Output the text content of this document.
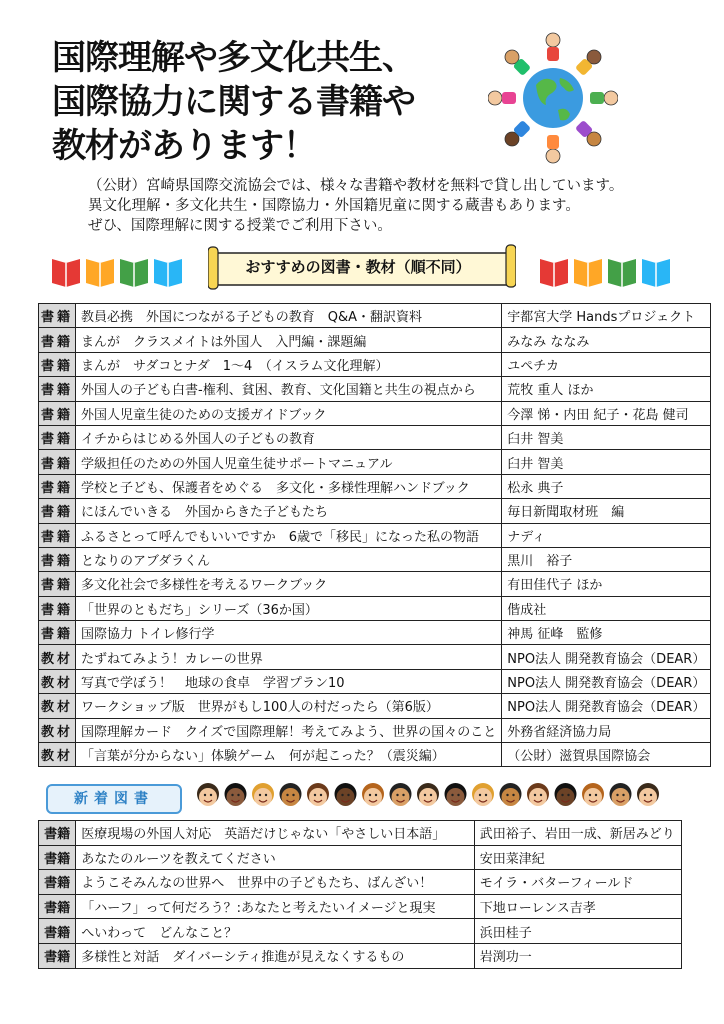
国際理解や多文化共生、
国際協力に関する書籍や
教材があります！
（公財）宮崎県国際交流協会では、様々な書籍や教材を無料で貸し出しています。
異文化理解・多文化共生・国際協力・外国籍児童に関する蔵書もあります。
ぜひ、国際理解に関する授業でご利用下さい。
おすすめの図書・教材（順不同）
書籍	教員必携　外国につながる子どもの教育　Q&A・翻訳資料	宇都宮大学 Handsプロジェクト
書籍	まんが　クラスメイトは外国人　入門編・課題編	みなみ ななみ
書籍	まんが　サダコとナダ　1～4　（イスラム文化理解）	ユペチカ
書籍	外国人の子ども白書-権利、貧困、教育、文化国籍と共生の視点から	荒牧 重人 ほか
書籍	外国人児童生徒のための支援ガイドブック	今澤 悌・内田 紀子・花島 健司
書籍	イチからはじめる外国人の子どもの教育	臼井 智美
書籍	学級担任のための外国人児童生徒サポートマニュアル	臼井 智美
書籍	学校と子ども、保護者をめぐる　多文化・多様性理解ハンドブック	松永 典子
書籍	にほんでいきる　外国からきた子どもたち	毎日新聞取材班　編
書籍	ふるさとって呼んでもいいですか　6歳で「移民」になった私の物語	ナディ
書籍	となりのアブダラくん	黒川　裕子
書籍	多文化社会で多様性を考えるワークブック	有田佳代子 ほか
書籍	「世界のともだち」シリーズ（36か国）	偕成社
書籍	国際協力 トイレ修行学	神馬 征峰　監修
教材	たずねてみよう！カレーの世界	NPO法人 開発教育協会（DEAR）
教材	写真で学ぼう！　地球の食卓　学習プラン10	NPO法人 開発教育協会（DEAR）
教材	ワークショップ版　世界がもし100人の村だったら（第6版）	NPO法人 開発教育協会（DEAR）
教材	国際理解カード　クイズで国際理解！考えてみよう、世界の国々のこと	外務省経済協力局
教材	「言葉が分からない」体験ゲーム　何が起こった？（震災編）	（公財）滋賀県国際協会
新着図書
書籍	医療現場の外国人対応　英語だけじゃない「やさしい日本語」	武田裕子、岩田一成、新居みどり
書籍	あなたのルーツを教えてください	安田菜津紀
書籍	ようこそみんなの世界へ　世界中の子どもたち、ばんざい！	モイラ・バターフィールド
書籍	「ハーフ」って何だろう？:あなたと考えたいイメージと現実	下地ローレンス吉孝
書籍	へいわって　どんなこと？	浜田桂子
書籍	多様性と対話　ダイバーシティ推進が見えなくするもの	岩渕功一
